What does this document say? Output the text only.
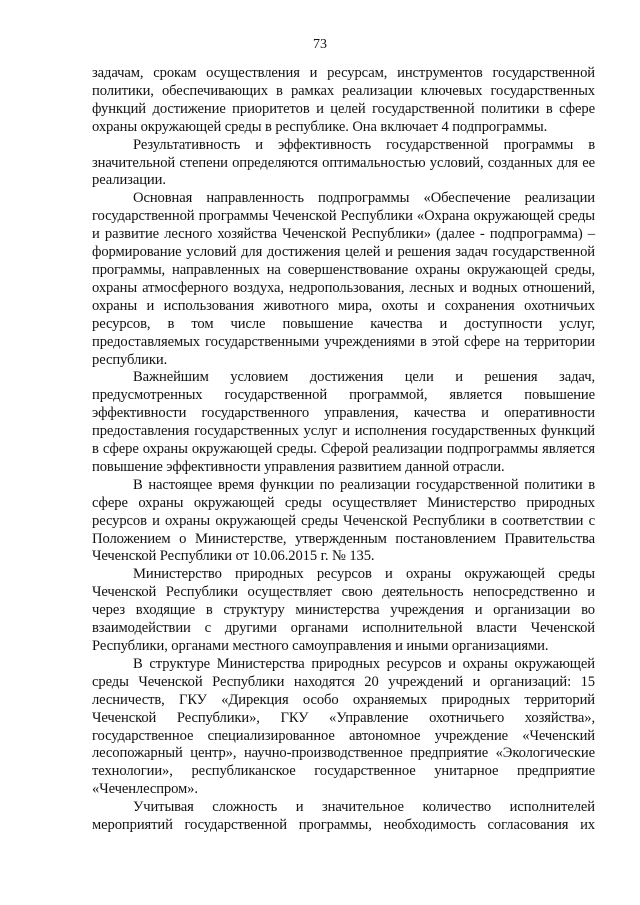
73

задачам, срокам осуществления и ресурсам, инструментов государственной политики, обеспечивающих в рамках реализации ключевых государственных функций достижение приоритетов и целей государственной политики в сфере охраны окружающей среды в республике. Она включает 4 подпрограммы.

Результативность и эффективность государственной программы в значительной степени определяются оптимальностью условий, созданных для ее реализации.

Основная направленность подпрограммы «Обеспечение реализации государственной программы Чеченской Республики «Охрана окружающей среды и развитие лесного хозяйства Чеченской Республики» (далее - подпрограмма) – формирование условий для достижения целей и решения задач государственной программы, направленных на совершенствование охраны окружающей среды, охраны атмосферного воздуха, недропользования, лесных и водных отношений, охраны и использования животного мира, охоты и сохранения охотничьих ресурсов, в том числе повышение качества и доступности услуг, предоставляемых государственными учреждениями в этой сфере на территории республики.

Важнейшим условием достижения цели и решения задач, предусмотренных государственной программой, является повышение эффективности государственного управления, качества и оперативности предоставления государственных услуг и исполнения государственных функций в сфере охраны окружающей среды. Сферой реализации подпрограммы является повышение эффективности управления развитием данной отрасли.

В настоящее время функции по реализации государственной политики в сфере охраны окружающей среды осуществляет Министерство природных ресурсов и охраны окружающей среды Чеченской Республики в соответствии с Положением о Министерстве, утвержденным постановлением Правительства Чеченской Республики от 10.06.2015 г. № 135.

Министерство природных ресурсов и охраны окружающей среды Чеченской Республики осуществляет свою деятельность непосредственно и через входящие в структуру министерства учреждения и организации во взаимодействии с другими органами исполнительной власти Чеченской Республики, органами местного самоуправления и иными организациями.

В структуре Министерства природных ресурсов и охраны окружающей среды Чеченской Республики находятся 20 учреждений и организаций: 15 лесничеств, ГКУ «Дирекция особо охраняемых природных территорий Чеченской Республики», ГКУ «Управление охотничьего хозяйства», государственное специализированное автономное учреждение «Чеченский лесопожарный центр», научно-производственное предприятие «Экологические технологии», республиканское государственное унитарное предприятие «Чеченлеспром».

Учитывая сложность и значительное количество исполнителей мероприятий государственной программы, необходимость согласования их
